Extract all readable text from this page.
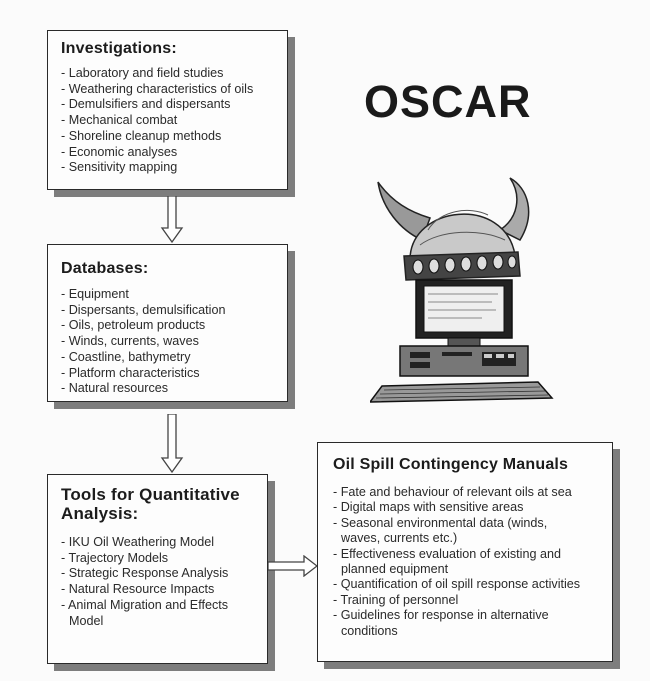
Investigations:
- Laboratory and field studies
- Weathering characteristics of oils
- Demulsifiers and dispersants
- Mechanical combat
- Shoreline cleanup methods
- Economic analyses
- Sensitivity mapping
Databases:
- Equipment
- Dispersants, demulsification
- Oils, petroleum products
- Winds, currents, waves
- Coastline, bathymetry
- Platform characteristics
- Natural resources
Tools for Quantitative
Analysis:
- IKU Oil Weathering Model
- Trajectory Models
- Strategic Response Analysis
- Natural Resource Impacts
- Animal Migration and Effects
Model
Oil Spill Contingency Manuals
- Fate and behaviour of relevant oils at sea
- Digital maps with sensitive areas
- Seasonal environmental data (winds,
waves, currents etc.)
- Effectiveness evaluation of existing and
planned equipment
- Quantification of oil spill response activities
- Training of personnel
- Guidelines for response in alternative
conditions
OSCAR
